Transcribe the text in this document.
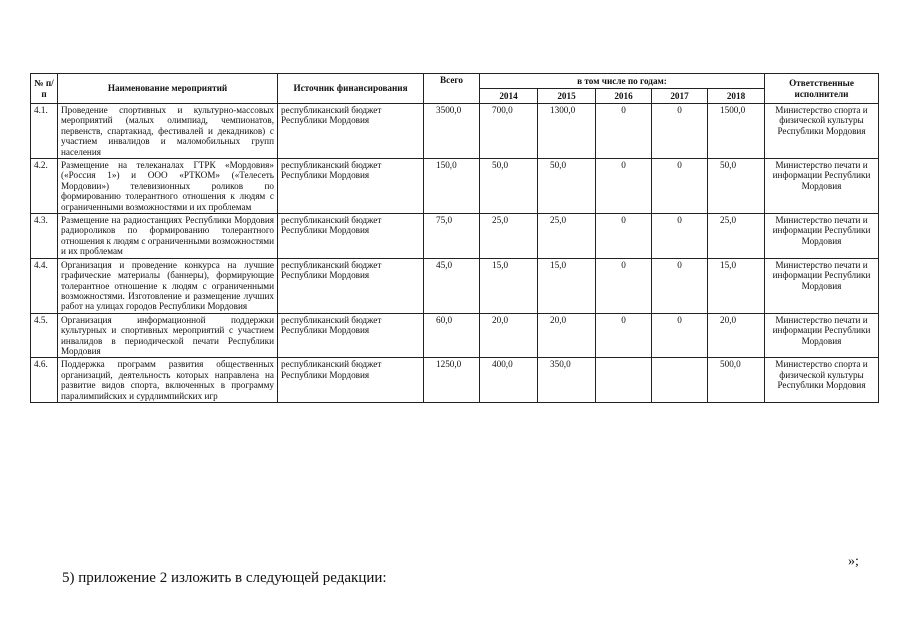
№ п/п	Наименование мероприятий	Источник финансирования	Всего	в том числе по годам:					Ответственные исполнители
				2014	2015	2016	2017	2018	
4.1.	Проведение спортивных и культурно-массовых мероприятий (малых олимпиад, чемпионатов, первенств, спартакиад, фестивалей и декадников) с участием инвалидов и маломобильных групп населения	республиканский бюджет Республики Мордовия	3500,0	700,0	1300,0	0	0	1500,0	Министерство спорта и физической культуры Республики Мордовия
4.2.	Размещение на телеканалах ГТРК «Мордовия» («Россия 1») и ООО «РТКОМ» («Телесеть Мордовии») телевизионных роликов по формированию толерантного отношения к людям с ограниченными возможностями и их проблемам	республиканский бюджет Республики Мордовия	150,0	50,0	50,0	0	0	50,0	Министерство печати и информации Республики Мордовия
4.3.	Размещение на радиостанциях Республики Мордовия радиороликов по формированию толерантного отношения к людям с ограниченными возможностями и их проблемам	республиканский бюджет Республики Мордовия	75,0	25,0	25,0	0	0	25,0	Министерство печати и информации Республики Мордовия
4.4.	Организация и проведение конкурса на лучшие графические материалы (баннеры), формирующие толерантное отношение к людям с ограниченными возможностями. Изготовление и размещение лучших работ на улицах городов Республики Мордовия	республиканский бюджет Республики Мордовия	45,0	15,0	15,0	0	0	15,0	Министерство печати и информации Республики Мордовия
4.5.	Организация информационной поддержки культурных и спортивных мероприятий с участием инвалидов в периодической печати Республики Мордовия	республиканский бюджет Республики Мордовия	60,0	20,0	20,0	0	0	20,0	Министерство печати и информации Республики Мордовия
4.6.	Поддержка программ развития общественных организаций, деятельность которых направлена на развитие видов спорта, включенных в программу паралимпийских и сурдлимпийских игр	республиканский бюджет Республики Мордовия	1250,0	400,0	350,0			500,0	Министерство спорта и физической культуры Республики Мордовия
»;
5) приложение 2 изложить в следующей редакции:
